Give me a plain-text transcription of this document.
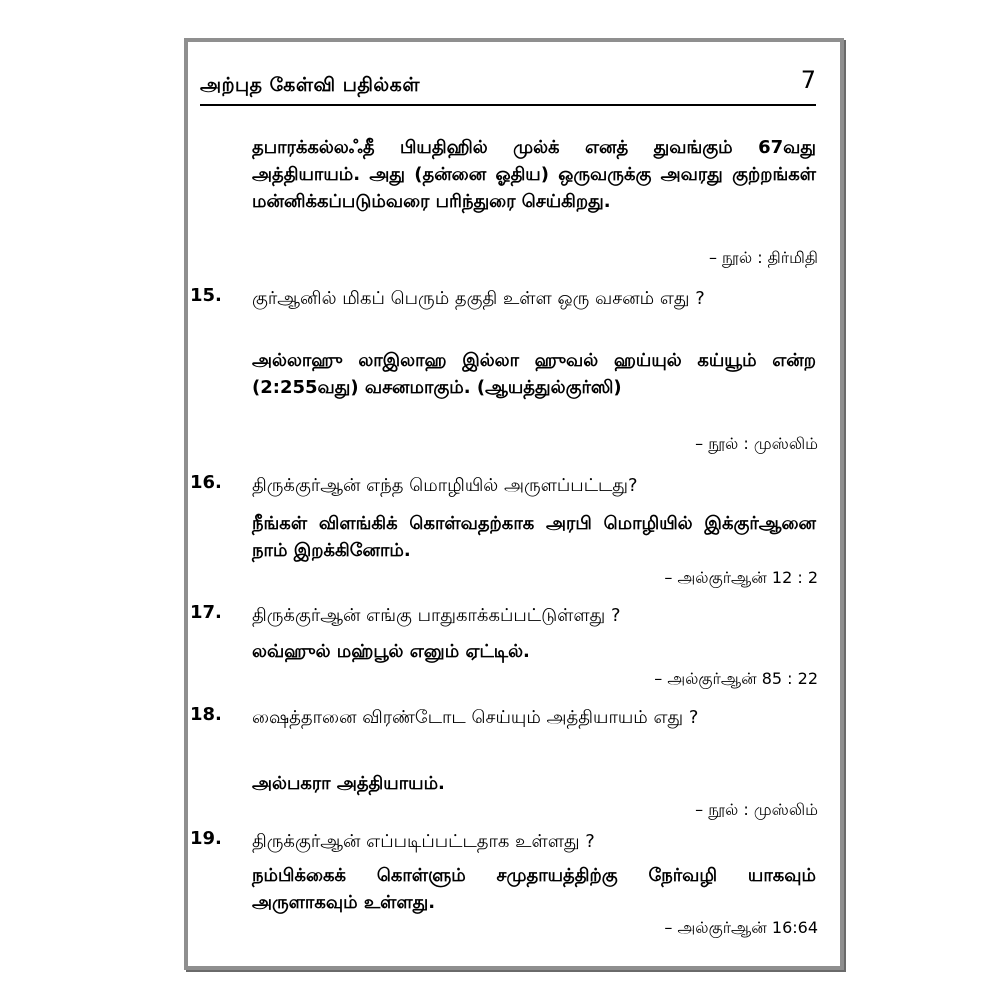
அற்புத கேள்வி பதில்கள்	7
தபாரக்கல்லஃதீ பியதிஹில் முல்க் எனத் துவங்கும் 67வது அத்தியாயம். அது (தன்னை ஓதிய) ஒருவருக்கு அவரது குற்றங்கள் மன்னிக்கப்படும்வரை பரிந்துரை செய்கிறது.
– நூல் : திர்மிதி
15. குர்ஆனில் மிகப் பெரும் தகுதி உள்ள ஒரு வசனம் எது ?
அல்லாஹு லாஇலாஹ இல்லா ஹுவல் ஹய்யுல் கய்யூம் என்ற (2:255வது) வசனமாகும். (ஆயத்துல்குர்ஸி)
– நூல் : முஸ்லிம்
16. திருக்குர்ஆன் எந்த மொழியில் அருளப்பட்டது?
நீங்கள் விளங்கிக் கொள்வதற்காக அரபி மொழியில் இக்குர்ஆனை நாம் இறக்கினோம்.
– அல்குர்ஆன் 12 : 2
17. திருக்குர்ஆன் எங்கு பாதுகாக்கப்பட்டுள்ளது ?
லவ்ஹுல் மஹ்பூல் எனும் ஏட்டில்.
– அல்குர்ஆன் 85 : 22
18. ஷைத்தானை விரண்டோட செய்யும் அத்தியாயம் எது ?
அல்பகரா அத்தியாயம்.
– நூல் : முஸ்லிம்
19. திருக்குர்ஆன் எப்படிப்பட்டதாக உள்ளது ?
நம்பிக்கைக் கொள்ளும் சமுதாயத்திற்கு நேர்வழி யாகவும் அருளாகவும் உள்ளது.
– அல்குர்ஆன் 16:64
